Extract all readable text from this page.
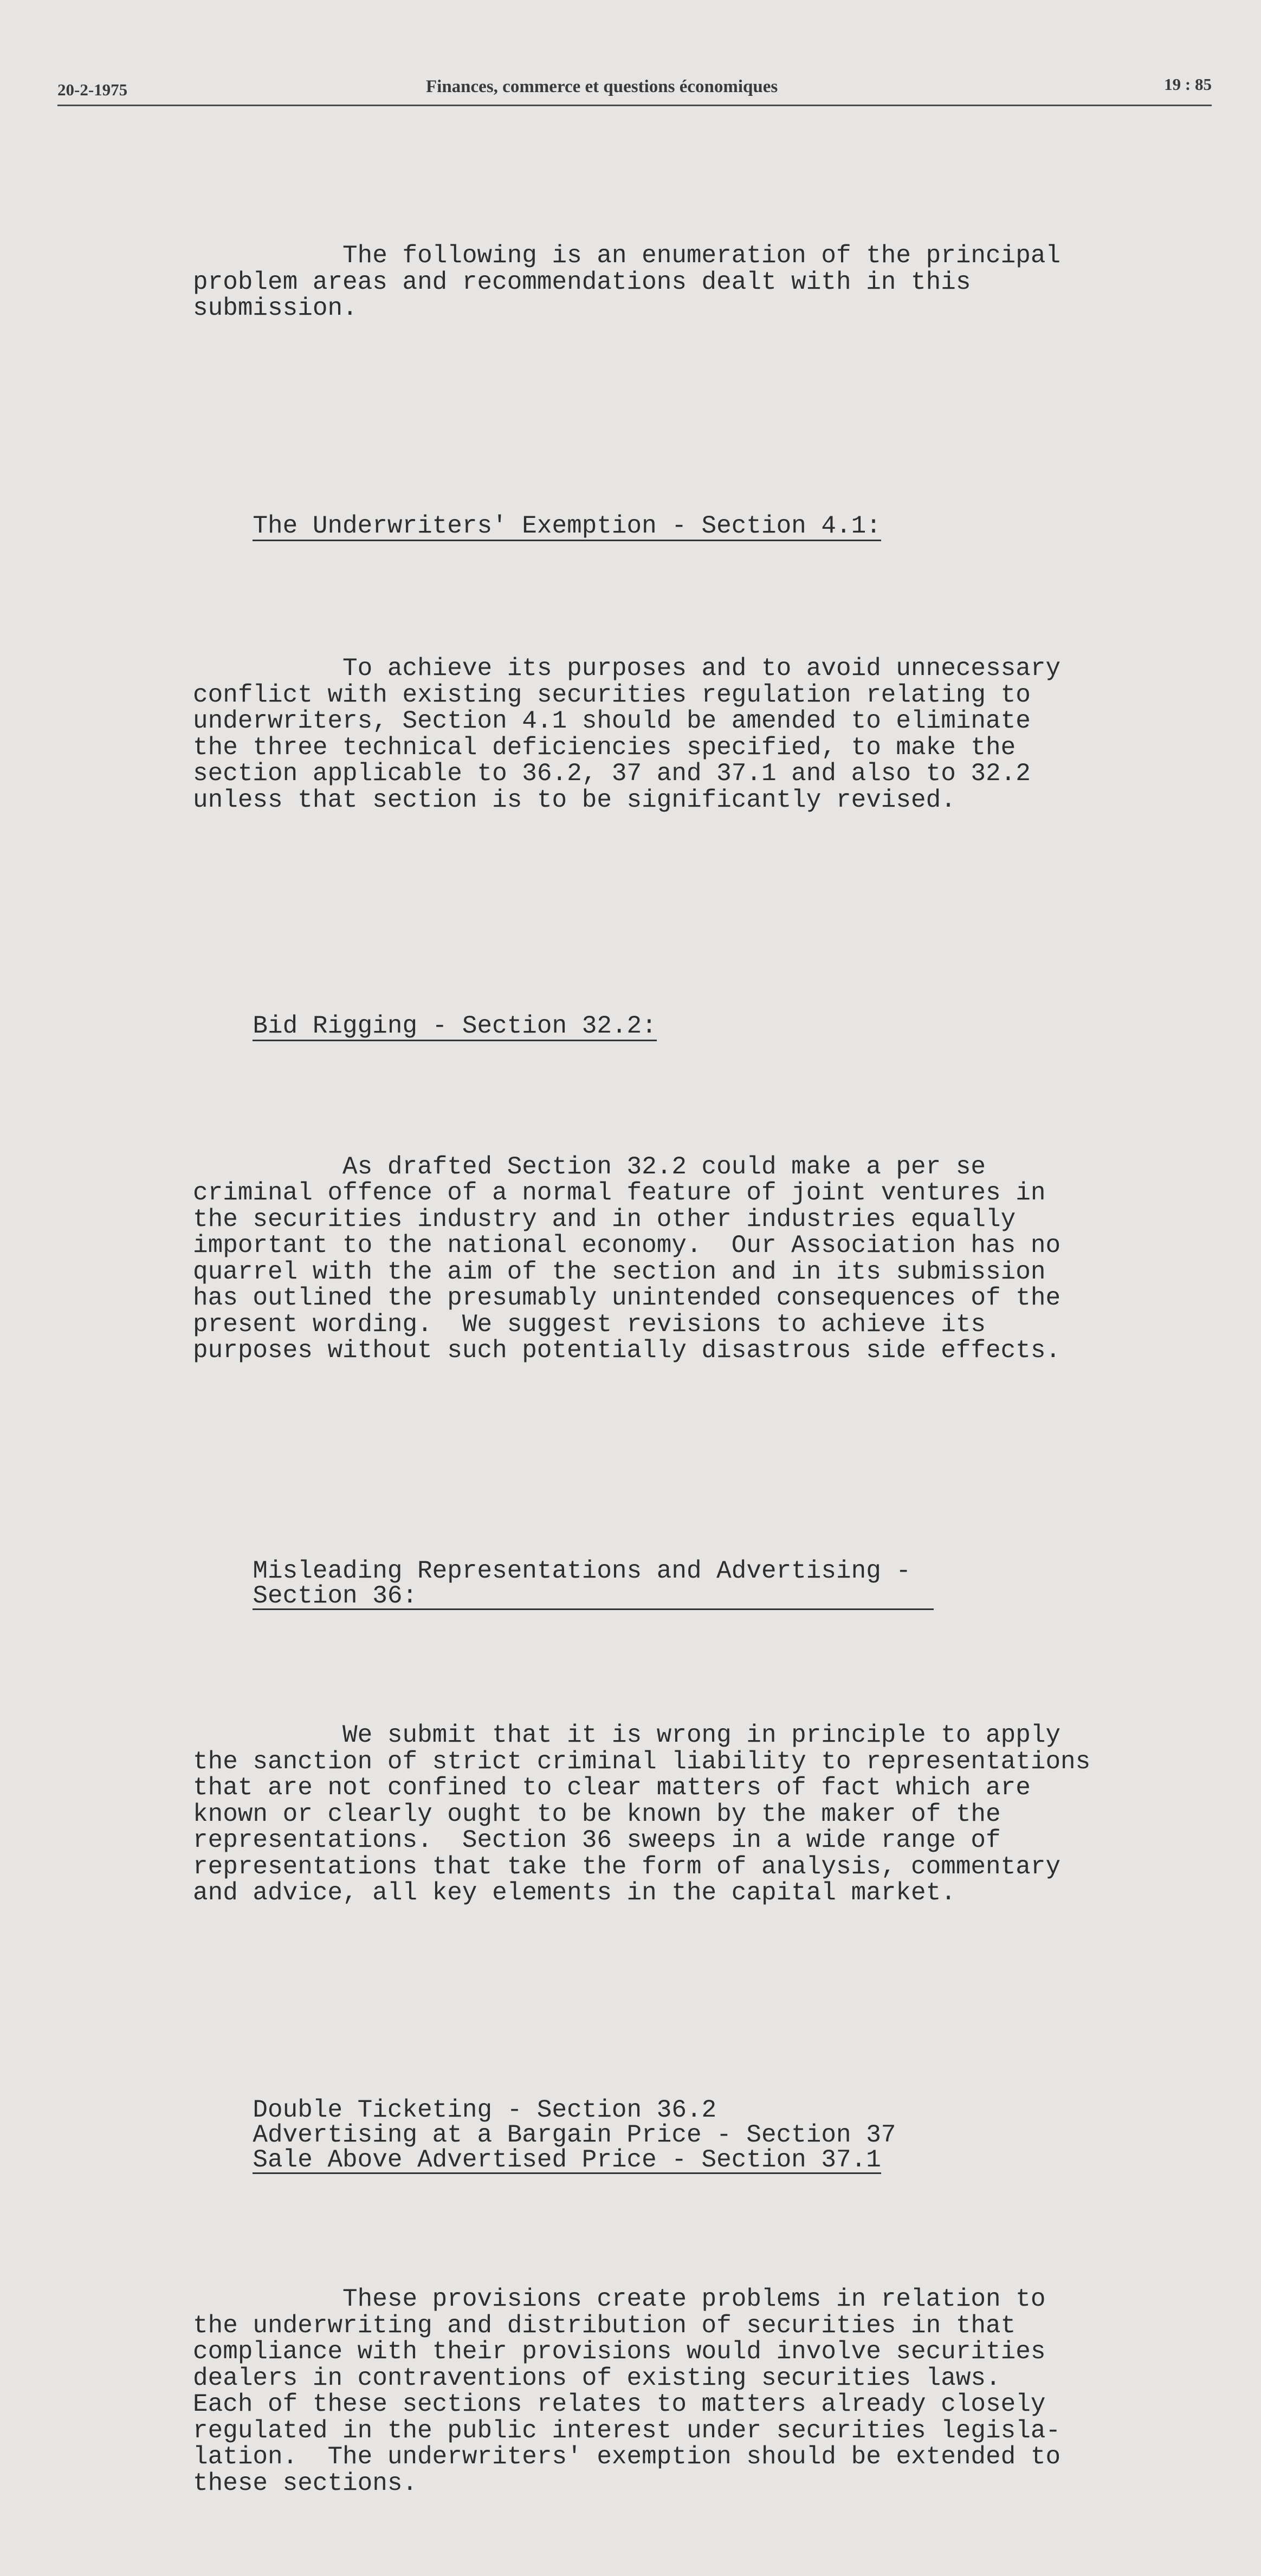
20-2-1975	Finances, commerce et questions économiques	19 : 85

The following is an enumeration of the principal
problem areas and recommendations dealt with in this
submission.

The Underwriters' Exemption - Section 4.1:

To achieve its purposes and to avoid unnecessary
conflict with existing securities regulation relating to
underwriters, Section 4.1 should be amended to eliminate
the three technical deficiencies specified, to make the
section applicable to 36.2, 37 and 37.1 and also to 32.2
unless that section is to be significantly revised.

Bid Rigging - Section 32.2:

As drafted Section 32.2 could make a per se
criminal offence of a normal feature of joint ventures in
the securities industry and in other industries equally
important to the national economy.  Our Association has no
quarrel with the aim of the section and in its submission
has outlined the presumably unintended consequences of the
present wording.  We suggest revisions to achieve its
purposes without such potentially disastrous side effects.

Misleading Representations and Advertising -
Section 36:

We submit that it is wrong in principle to apply
the sanction of strict criminal liability to representations
that are not confined to clear matters of fact which are
known or clearly ought to be known by the maker of the
representations.  Section 36 sweeps in a wide range of
representations that take the form of analysis, commentary
and advice, all key elements in the capital market.

Double Ticketing - Section 36.2
Advertising at a Bargain Price - Section 37
Sale Above Advertised Price - Section 37.1

These provisions create problems in relation to
the underwriting and distribution of securities in that
compliance with their provisions would involve securities
dealers in contraventions of existing securities laws.
Each of these sections relates to matters already closely
regulated in the public interest under securities legisla-
lation.  The underwriters' exemption should be extended to
these sections.
